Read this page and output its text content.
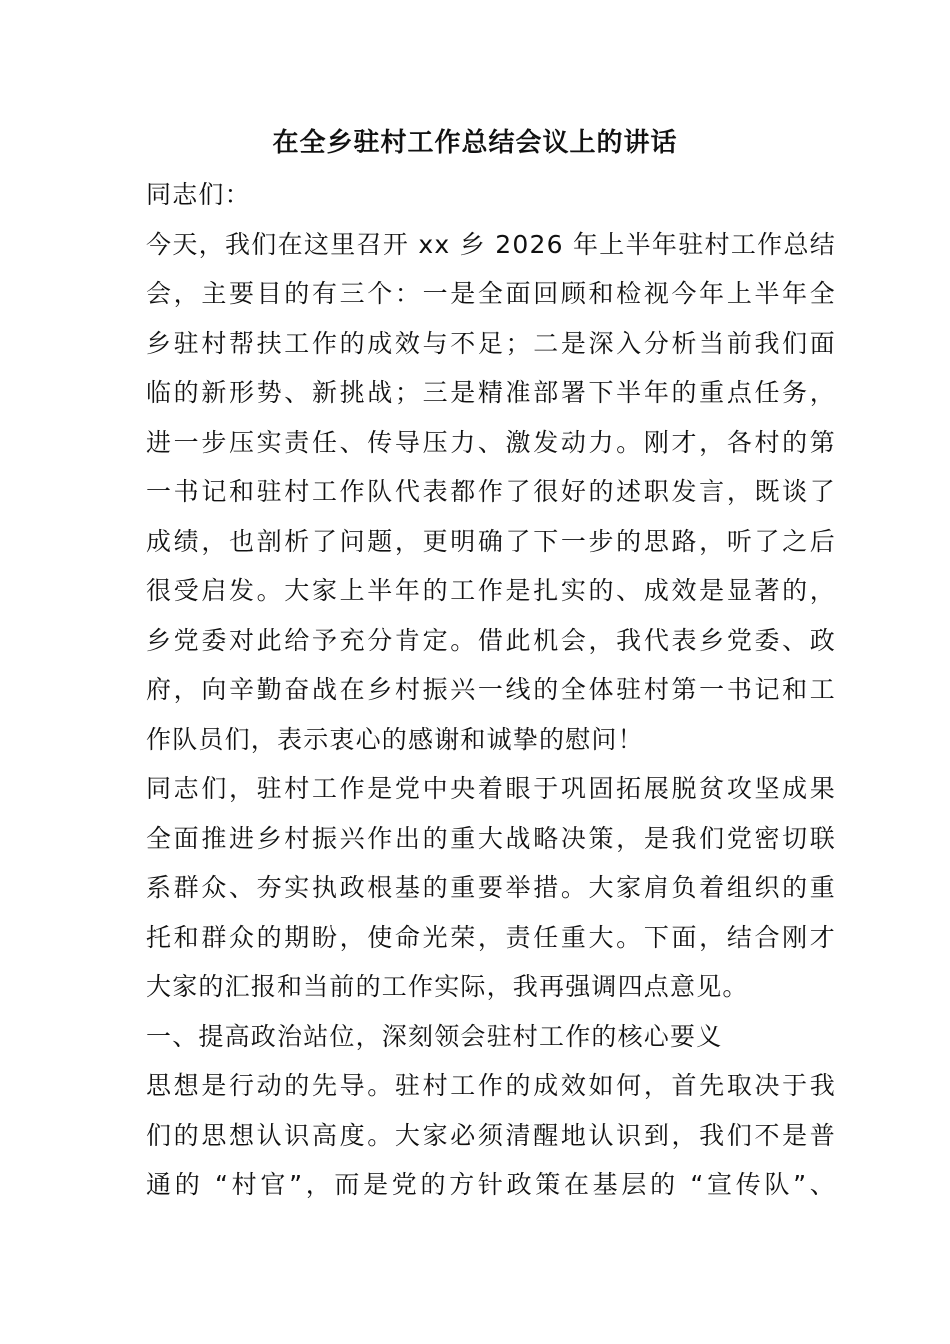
在全乡驻村工作总结会议上的讲话
同志们：
今天，我们在这里召开 xx 乡 2026 年上半年驻村工作总结
会，主要目的有三个：一是全面回顾和检视今年上半年全
乡驻村帮扶工作的成效与不足；二是深入分析当前我们面
临的新形势、新挑战；三是精准部署下半年的重点任务，
进一步压实责任、传导压力、激发动力。刚才，各村的第
一书记和驻村工作队代表都作了很好的述职发言，既谈了
成绩，也剖析了问题，更明确了下一步的思路，听了之后
很受启发。大家上半年的工作是扎实的、成效是显著的，
乡党委对此给予充分肯定。借此机会，我代表乡党委、政
府，向辛勤奋战在乡村振兴一线的全体驻村第一书记和工
作队员们，表示衷心的感谢和诚挚的慰问！
同志们，驻村工作是党中央着眼于巩固拓展脱贫攻坚成果
全面推进乡村振兴作出的重大战略决策，是我们党密切联
系群众、夯实执政根基的重要举措。大家肩负着组织的重
托和群众的期盼，使命光荣，责任重大。下面，结合刚才
大家的汇报和当前的工作实际，我再强调四点意见。
一、提高政治站位，深刻领会驻村工作的核心要义
思想是行动的先导。驻村工作的成效如何，首先取决于我
们的思想认识高度。大家必须清醒地认识到，我们不是普
通的 “村官”，而是党的方针政策在基层的 “宣传队”、
